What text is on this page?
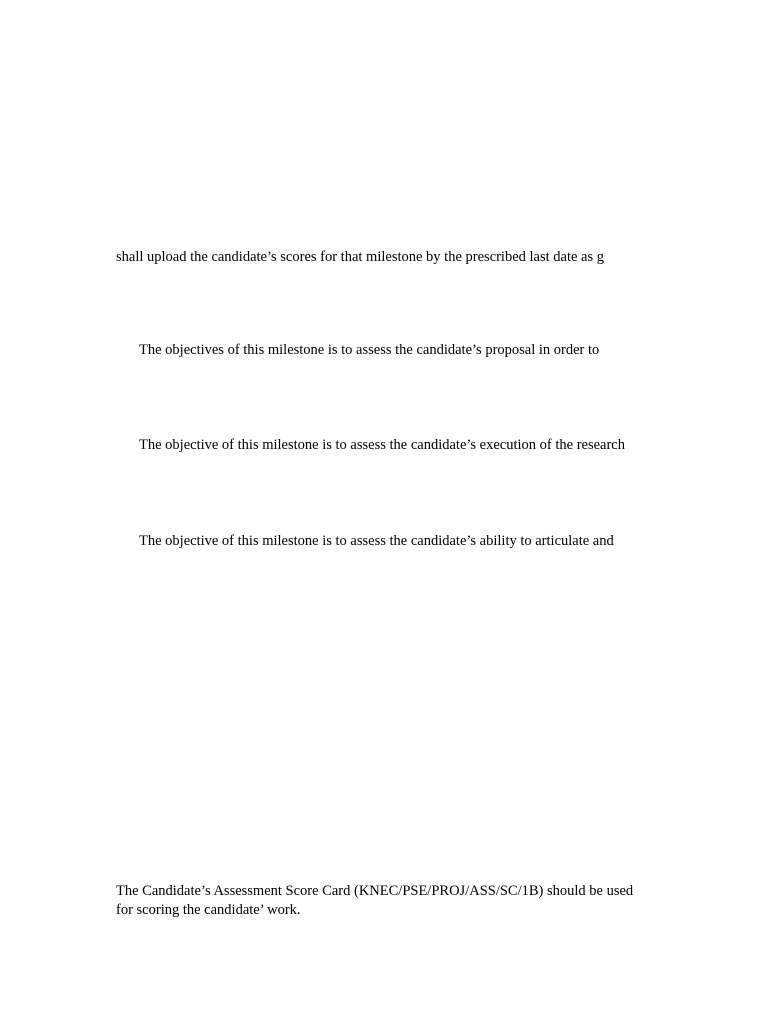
shall upload the candidate’s scores for that milestone by the prescribed last date as g
The objectives of this milestone is to assess the candidate’s proposal in order to
The objective of this milestone is to assess the candidate’s execution of the research
The objective of this milestone is to assess the candidate’s ability to articulate and
The Candidate’s Assessment Score Card (KNEC/PSE/PROJ/ASS/SC/1B) should be used
for scoring the candidate’ work.
